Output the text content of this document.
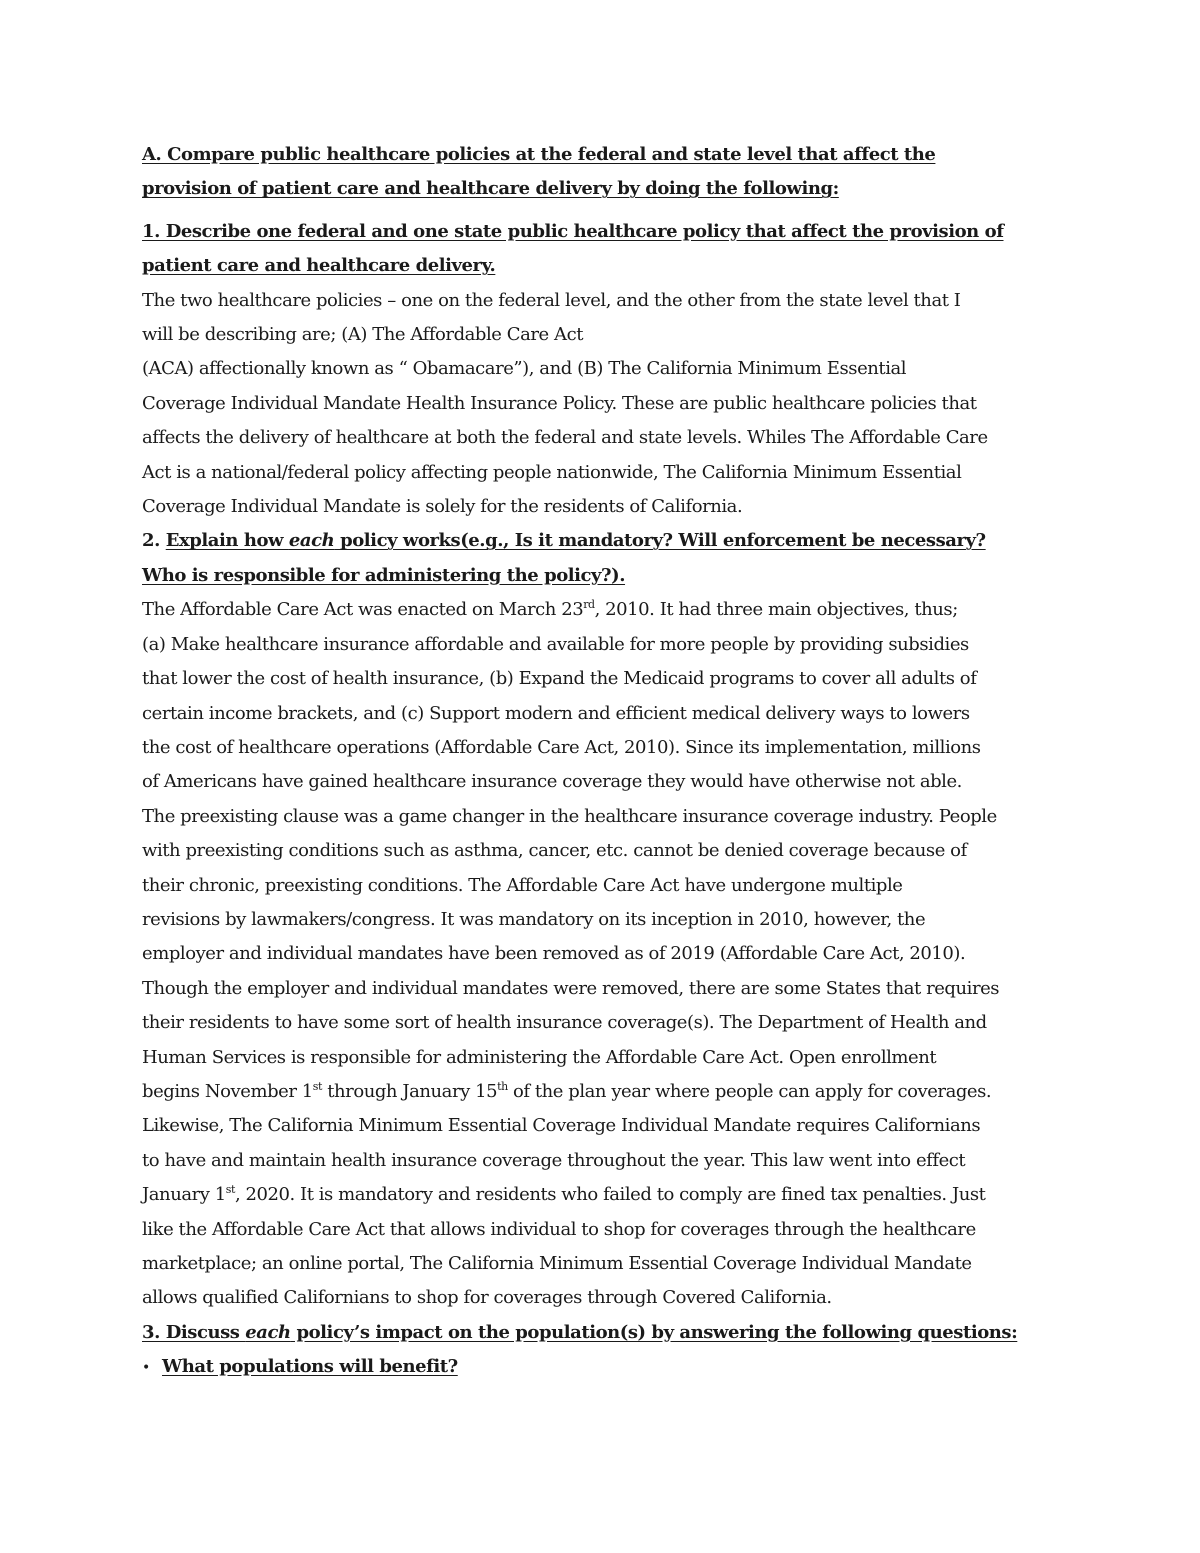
A. Compare public healthcare policies at the federal and state level that affect the
provision of patient care and healthcare delivery by doing the following:
1. Describe one federal and one state public healthcare policy that affect the provision of
patient care and healthcare delivery.
The two healthcare policies – one on the federal level, and the other from the state level that I
will be describing are; (A) The Affordable Care Act
(ACA) affectionally known as “ Obamacare”), and (B) The California Minimum Essential
Coverage Individual Mandate Health Insurance Policy. These are public healthcare policies that
affects the delivery of healthcare at both the federal and state levels. Whiles The Affordable Care
Act is a national/federal policy affecting people nationwide, The California Minimum Essential
Coverage Individual Mandate is solely for the residents of California.
2. Explain how each policy works(e.g., Is it mandatory? Will enforcement be necessary?
Who is responsible for administering the policy?).
The Affordable Care Act was enacted on March 23rd, 2010. It had three main objectives, thus;
(a) Make healthcare insurance affordable and available for more people by providing subsidies
that lower the cost of health insurance, (b) Expand the Medicaid programs to cover all adults of
certain income brackets, and (c) Support modern and efficient medical delivery ways to lowers
the cost of healthcare operations (Affordable Care Act, 2010). Since its implementation, millions
of Americans have gained healthcare insurance coverage they would have otherwise not able.
The preexisting clause was a game changer in the healthcare insurance coverage industry. People
with preexisting conditions such as asthma, cancer, etc. cannot be denied coverage because of
their chronic, preexisting conditions. The Affordable Care Act have undergone multiple
revisions by lawmakers/congress. It was mandatory on its inception in 2010, however, the
employer and individual mandates have been removed as of 2019 (Affordable Care Act, 2010).
Though the employer and individual mandates were removed, there are some States that requires
their residents to have some sort of health insurance coverage(s). The Department of Health and
Human Services is responsible for administering the Affordable Care Act. Open enrollment
begins November 1st through January 15th of the plan year where people can apply for coverages.
Likewise, The California Minimum Essential Coverage Individual Mandate requires Californians
to have and maintain health insurance coverage throughout the year. This law went into effect
January 1st, 2020. It is mandatory and residents who failed to comply are fined tax penalties. Just
like the Affordable Care Act that allows individual to shop for coverages through the healthcare
marketplace; an online portal, The California Minimum Essential Coverage Individual Mandate
allows qualified Californians to shop for coverages through Covered California.
3. Discuss each policy’s impact on the population(s) by answering the following questions:
• What populations will benefit?
